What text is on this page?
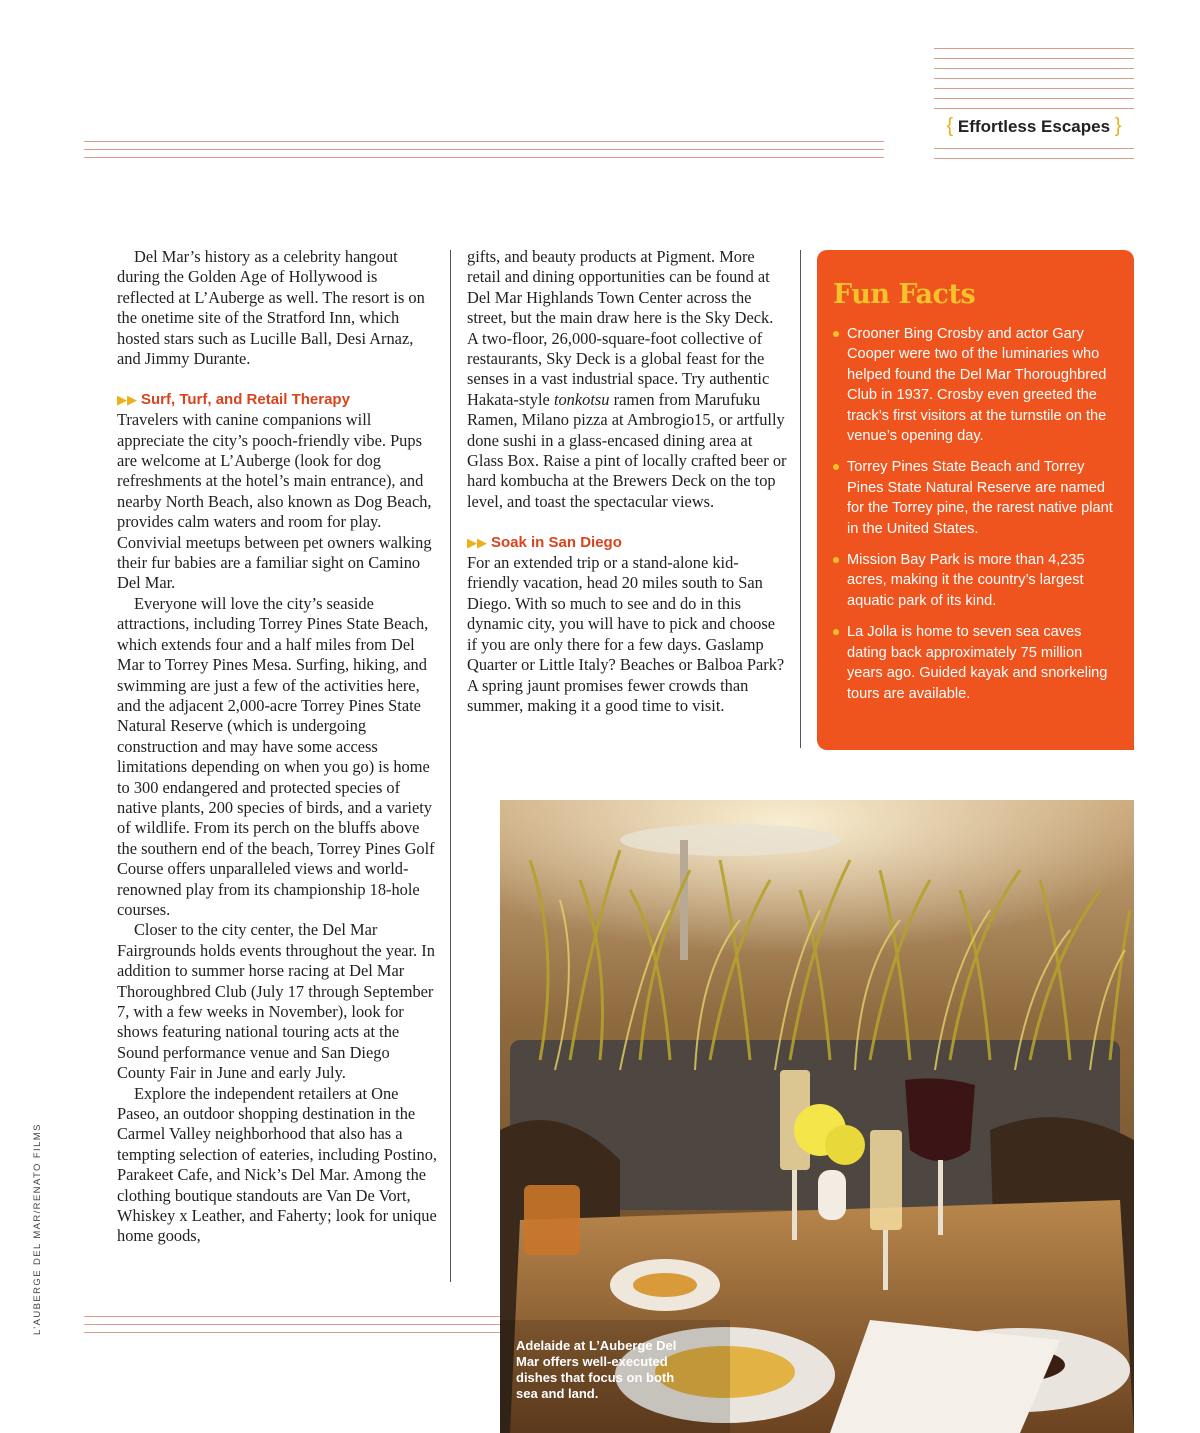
{ Effortless Escapes }

Del Mar’s history as a celebrity hangout during the Golden Age of Hollywood is reflected at L’Auberge as well. The resort is on the onetime site of the Stratford Inn, which hosted stars such as Lucille Ball, Desi Arnaz, and Jimmy Durante.

▶▶ Surf, Turf, and Retail Therapy

Travelers with canine companions will appreciate the city’s pooch-friendly vibe. Pups are welcome at L’Auberge (look for dog refreshments at the hotel’s main entrance), and nearby North Beach, also known as Dog Beach, provides calm waters and room for play. Convivial meetups between pet owners walking their fur babies are a familiar sight on Camino Del Mar.

Everyone will love the city’s seaside attractions, including Torrey Pines State Beach, which extends four and a half miles from Del Mar to Torrey Pines Mesa. Surfing, hiking, and swimming are just a few of the activities here, and the adjacent 2,000-acre Torrey Pines State Natural Reserve (which is undergoing construction and may have some access limitations depending on when you go) is home to 300 endangered and protected species of native plants, 200 species of birds, and a variety of wildlife. From its perch on the bluffs above the southern end of the beach, Torrey Pines Golf Course offers unparalleled views and world-renowned play from its championship 18-hole courses.

Closer to the city center, the Del Mar Fairgrounds holds events throughout the year. In addition to summer horse racing at Del Mar Thoroughbred Club (July 17 through September 7, with a few weeks in November), look for shows featuring national touring acts at the Sound performance venue and San Diego County Fair in June and early July.

Explore the independent retailers at One Paseo, an outdoor shopping destination in the Carmel Valley neighborhood that also has a tempting selection of eateries, including Postino, Parakeet Cafe, and Nick’s Del Mar. Among the clothing boutique standouts are Van De Vort, Whiskey x Leather, and Faherty; look for unique home goods,

gifts, and beauty products at Pigment. More retail and dining opportunities can be found at Del Mar Highlands Town Center across the street, but the main draw here is the Sky Deck. A two-floor, 26,000-square-foot collective of restaurants, Sky Deck is a global feast for the senses in a vast industrial space. Try authentic Hakata-style tonkotsu ramen from Marufuku Ramen, Milano pizza at Ambrogio15, or artfully done sushi in a glass-encased dining area at Glass Box. Raise a pint of locally crafted beer or hard kombucha at the Brewers Deck on the top level, and toast the spectacular views.

▶▶ Soak in San Diego

For an extended trip or a stand-alone kid-friendly vacation, head 20 miles south to San Diego. With so much to see and do in this dynamic city, you will have to pick and choose if you are only there for a few days. Gaslamp Quarter or Little Italy? Beaches or Balboa Park? A spring jaunt promises fewer crowds than summer, making it a good time to visit.

Fun Facts
Crooner Bing Crosby and actor Gary Cooper were two of the luminaries who helped found the Del Mar Thoroughbred Club in 1937. Crosby even greeted the track’s first visitors at the turnstile on the venue’s opening day.
Torrey Pines State Beach and Torrey Pines State Natural Reserve are named for the Torrey pine, the rarest native plant in the United States.
Mission Bay Park is more than 4,235 acres, making it the country’s largest aquatic park of its kind.
La Jolla is home to seven sea caves dating back approximately 75 million years ago. Guided kayak and snorkeling tours are available.
Adelaide at L’Auberge Del Mar offers well-executed dishes that focus on both sea and land.
L’AUBERGE DEL MAR/RENATO FILMS
